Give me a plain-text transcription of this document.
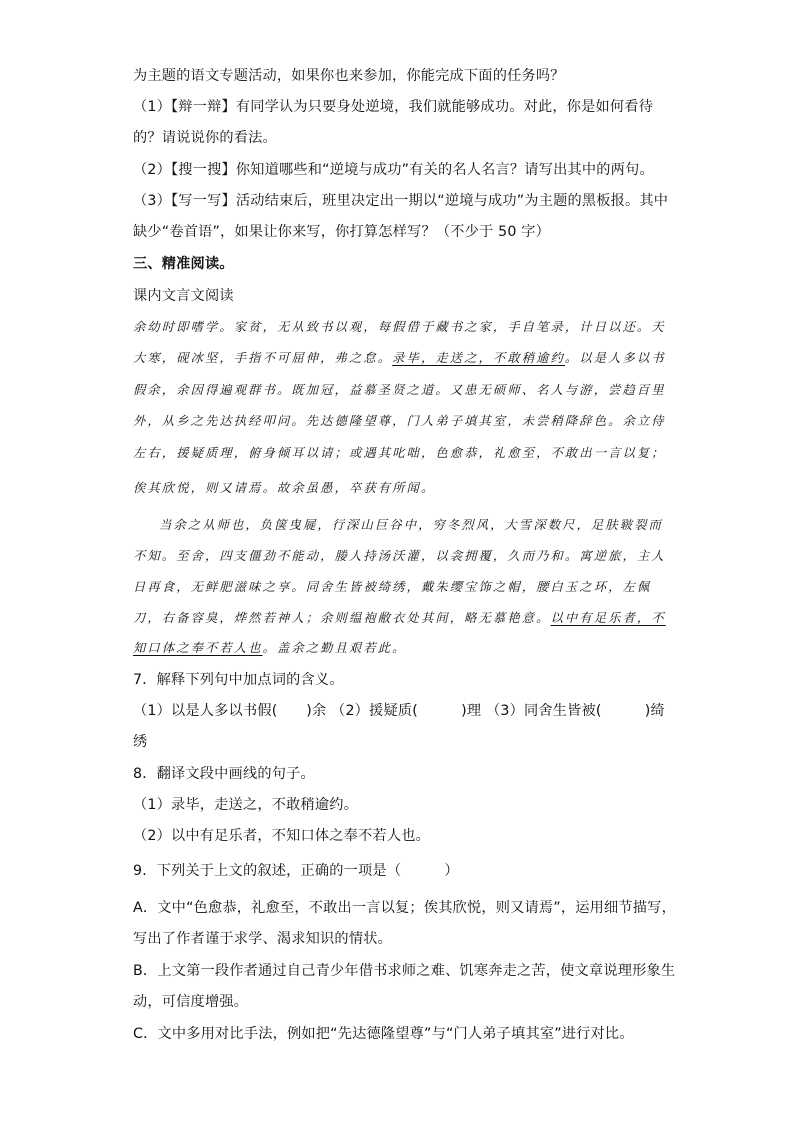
为主题的语文专题活动，如果你也来参加，你能完成下面的任务吗？
（1）【辩一辩】有同学认为只要身处逆境，我们就能够成功。对此，你是如何看待
的？请说说你的看法。
（2）【搜一搜】你知道哪些和“逆境与成功”有关的名人名言？请写出其中的两句。
（3）【写一写】活动结束后，班里决定出一期以“逆境与成功”为主题的黑板报。其中
缺少“卷首语”，如果让你来写，你打算怎样写？（不少于 50 字）
三、精准阅读。
课内文言文阅读
余幼时即嗜学。家贫，无从致书以观，每假借于藏书之家，手自笔录，计日以还。天
大寒，砚冰坚，手指不可屈伸，弗之怠。录毕，走送之，不敢稍逾约。以是人多以书
假余，余因得遍观群书。既加冠，益慕圣贤之道。又患无硕师、名人与游，尝趋百里
外，从乡之先达执经叩问。先达德隆望尊，门人弟子填其室，未尝稍降辞色。余立侍
左右，援疑质理，俯身倾耳以请；或遇其叱咄，色愈恭，礼愈至，不敢出一言以复；
俟其欣悦，则又请焉。故余虽愚，卒获有所闻。
当余之从师也，负箧曳屣，行深山巨谷中，穷冬烈风，大雪深数尺，足肤皲裂而
不知。至舍，四支僵劲不能动，媵人持汤沃灌，以衾拥覆，久而乃和。寓逆旅，主人
日再食，无鲜肥滋味之享。同舍生皆被绮绣，戴朱缨宝饰之帽，腰白玉之环，左佩
刀，右备容臭，烨然若神人；余则缊袍敝衣处其间，略无慕艳意。以中有足乐者，不
知口体之奉不若人也。盖余之勤且艰若此。
7．解释下列句中加点词的含义。
（1）以是人多以书假(　　)余 （2）援疑质(　　　)理 （3）同舍生皆被(　　　)绮
绣
8．翻译文段中画线的句子。
（1）录毕，走送之，不敢稍逾约。
（2）以中有足乐者，不知口体之奉不若人也。
9．下列关于上文的叙述，正确的一项是（　　　）
A．文中“色愈恭，礼愈至，不敢出一言以复；俟其欣悦，则又请焉”，运用细节描写，
写出了作者谨于求学、渴求知识的情状。
B．上文第一段作者通过自己青少年借书求师之难、饥寒奔走之苦，使文章说理形象生
动，可信度增强。
C．文中多用对比手法，例如把“先达德隆望尊”与“门人弟子填其室”进行对比。
